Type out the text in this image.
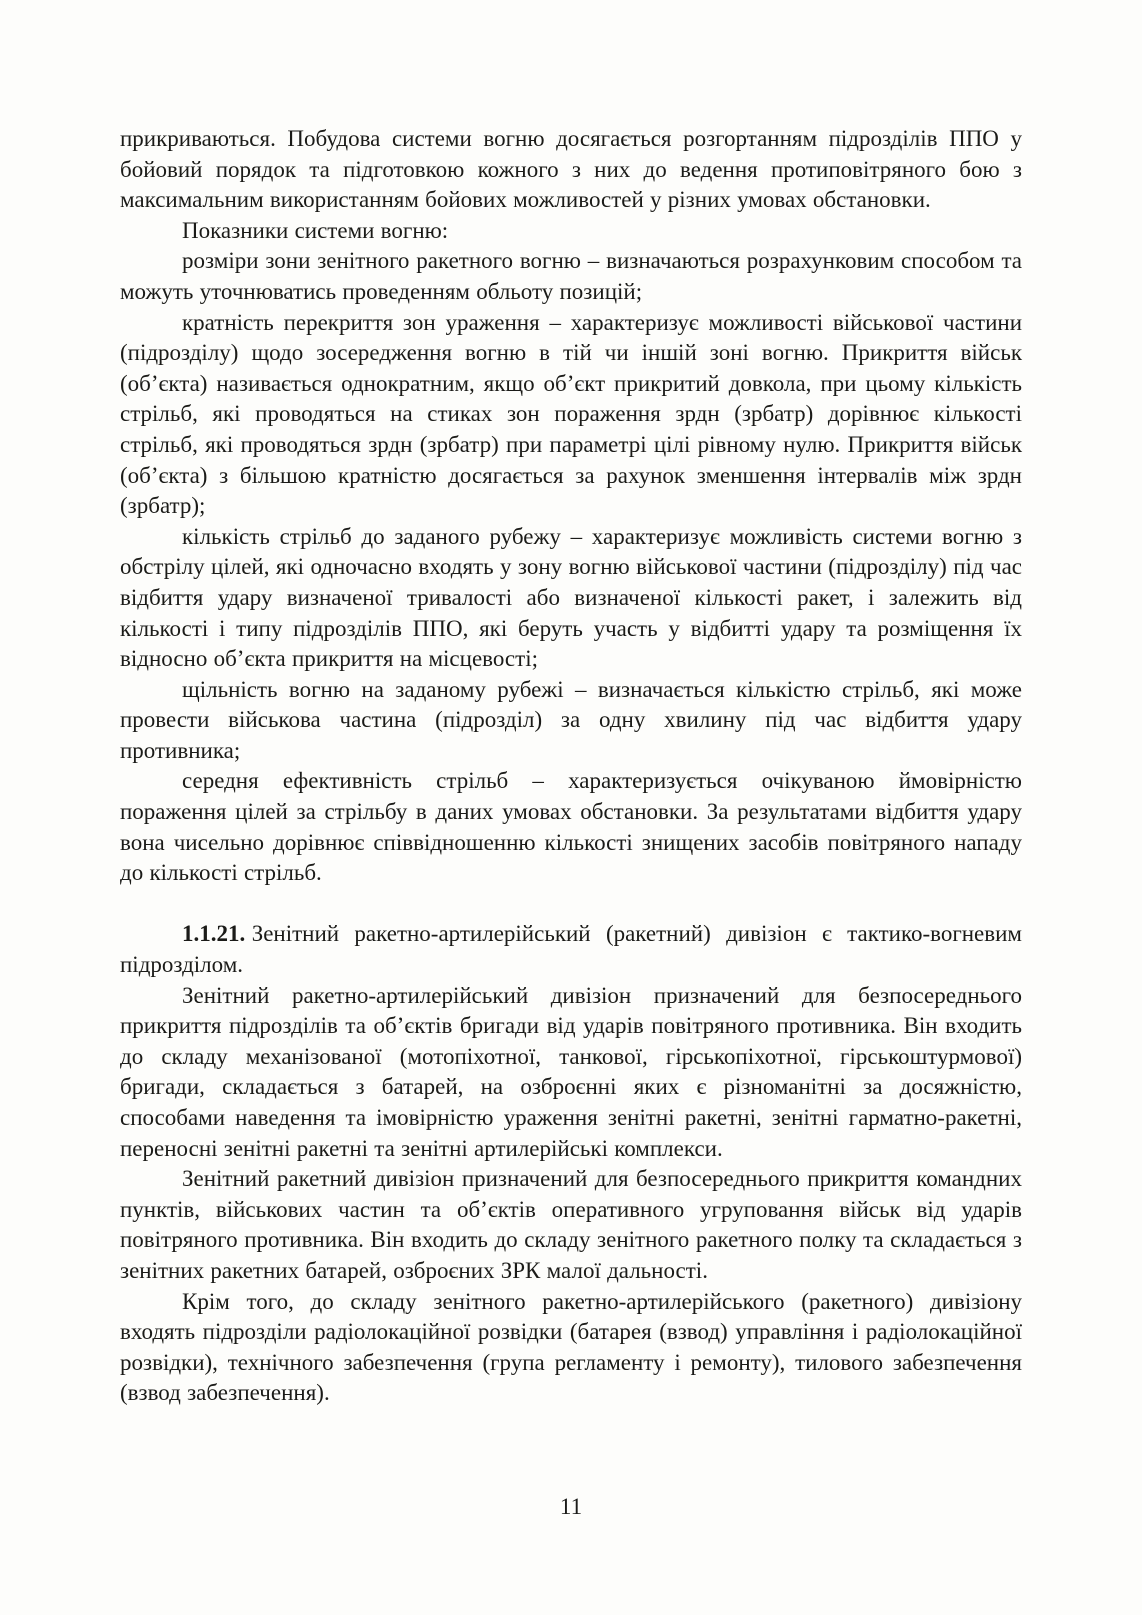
прикриваються. Побудова системи вогню досягається розгортанням підрозділів ППО у бойовий порядок та підготовкою кожного з них до ведення протиповітряного бою з максимальним використанням бойових можливостей у різних умовах обстановки.

Показники системи вогню:

розміри зони зенітного ракетного вогню – визначаються розрахунковим способом та можуть уточнюватись проведенням обльоту позицій;

кратність перекриття зон ураження – характеризує можливості військової частини (підрозділу) щодо зосередження вогню в тій чи іншій зоні вогню. Прикриття військ (об’єкта) називається однократним, якщо об’єкт прикритий довкола, при цьому кількість стрільб, які проводяться на стиках зон пораження зрдн (зрбатр) дорівнює кількості стрільб, які проводяться зрдн (зрбатр) при параметрі цілі рівному нулю. Прикриття військ (об’єкта) з більшою кратністю досягається за рахунок зменшення інтервалів між зрдн (зрбатр);

кількість стрільб до заданого рубежу – характеризує можливість системи вогню з обстрілу цілей, які одночасно входять у зону вогню військової частини (підрозділу) під час відбиття удару визначеної тривалості або визначеної кількості ракет, і залежить від кількості і типу підрозділів ППО, які беруть участь у відбитті удару та розміщення їх відносно об’єкта прикриття на місцевості;

щільність вогню на заданому рубежі – визначається кількістю стрільб, які може провести військова частина (підрозділ) за одну хвилину під час відбиття удару противника;

середня ефективність стрільб – характеризується очікуваною ймовірністю пораження цілей за стрільбу в даних умовах обстановки. За результатами відбиття удару вона чисельно дорівнює співвідношенню кількості знищених засобів повітряного нападу до кількості стрільб.

1.1.21. Зенітний ракетно-артилерійський (ракетний) дивізіон є тактико-вогневим підрозділом.

Зенітний ракетно-артилерійський дивізіон призначений для безпосереднього прикриття підрозділів та об’єктів бригади від ударів повітряного противника. Він входить до складу механізованої (мотопіхотної, танкової, гірськопіхотної, гірськоштурмової) бригади, складається з батарей, на озброєнні яких є різноманітні за досяжністю, способами наведення та імовірністю ураження зенітні ракетні, зенітні гарматно-ракетні, переносні зенітні ракетні та зенітні артилерійські комплекси.

Зенітний ракетний дивізіон призначений для безпосереднього прикриття командних пунктів, військових частин та об’єктів оперативного угруповання військ від ударів повітряного противника. Він входить до складу зенітного ракетного полку та складається з зенітних ракетних батарей, озброєних ЗРК малої дальності.

Крім того, до складу зенітного ракетно-артилерійського (ракетного) дивізіону входять підрозділи радіолокаційної розвідки (батарея (взвод) управління і радіолокаційної розвідки), технічного забезпечення (група регламенту і ремонту), тилового забезпечення (взвод забезпечення).

11
